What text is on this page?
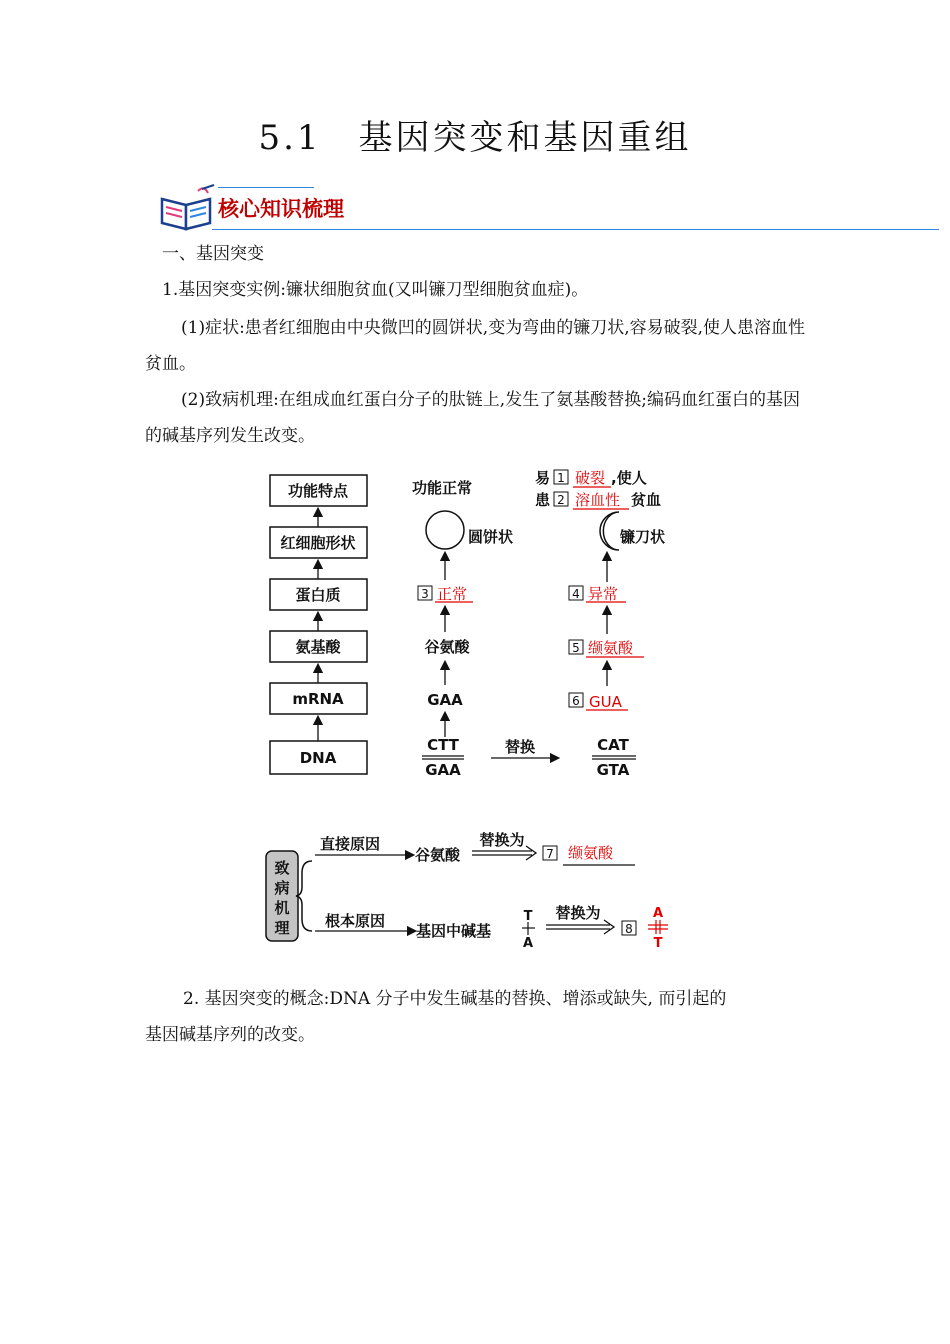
5.1　基因突变和基因重组
核心知识梳理
一、基因突变
1.基因突变实例:镰状细胞贫血(又叫镰刀型细胞贫血症)。
(1)症状:患者红细胞由中央微凹的圆饼状,变为弯曲的镰刀状,容易破裂,使人患溶血性贫血。
(2)致病机理:在组成血红蛋白分子的肽链上,发生了氨基酸替换;编码血红蛋白的基因的碱基序列发生改变。
功能特点
红细胞形状
蛋白质
氨基酸
mRNA
DNA
功能正常
圆饼状
3 正常
谷氨酸
GAA
CTT
GAA
替换
易 1 破裂 ,使人
患 2 溶血性 贫血
镰刀状
4 异常
5 缬氨酸
6 GUA
CAT
GTA
致
病
机
理
直接原因
谷氨酸
替换为
7 缬氨酸
根本原因
基因中碱基
T
A
替换为
8
A
T
2. 基因突变的概念:DNA 分子中发生碱基的替换、增添或缺失, 而引起的
基因碱基序列的改变。
